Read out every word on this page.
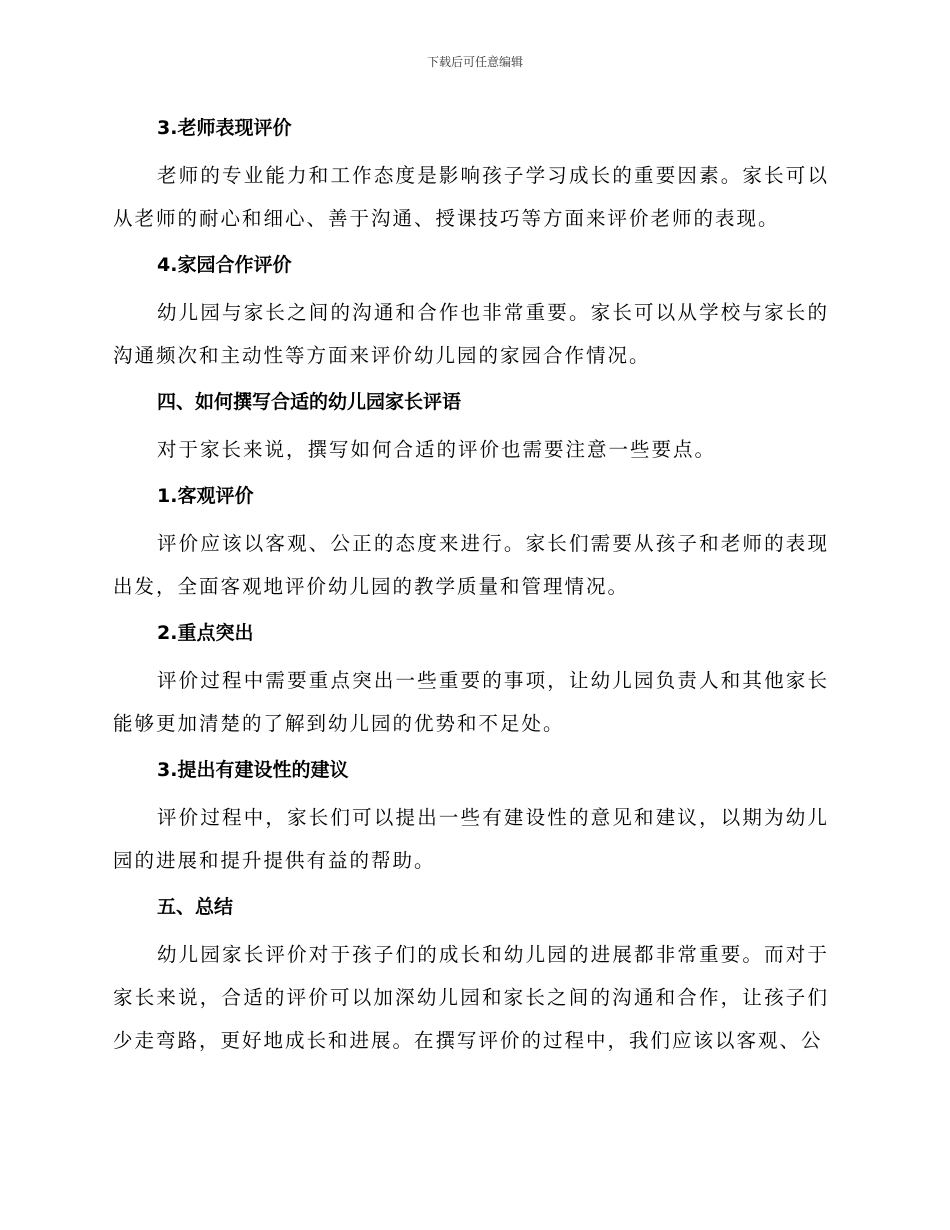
下载后可任意编辑
3.老师表现评价
老师的专业能力和工作态度是影响孩子学习成长的重要因素。家长可以从老师的耐心和细心、善于沟通、授课技巧等方面来评价老师的表现。
4.家园合作评价
幼儿园与家长之间的沟通和合作也非常重要。家长可以从学校与家长的沟通频次和主动性等方面来评价幼儿园的家园合作情况。
四、如何撰写合适的幼儿园家长评语
对于家长来说，撰写如何合适的评价也需要注意一些要点。
1.客观评价
评价应该以客观、公正的态度来进行。家长们需要从孩子和老师的表现出发，全面客观地评价幼儿园的教学质量和管理情况。
2.重点突出
评价过程中需要重点突出一些重要的事项，让幼儿园负责人和其他家长能够更加清楚的了解到幼儿园的优势和不足处。
3.提出有建设性的建议
评价过程中，家长们可以提出一些有建设性的意见和建议，以期为幼儿园的进展和提升提供有益的帮助。
五、总结
幼儿园家长评价对于孩子们的成长和幼儿园的进展都非常重要。而对于家长来说，合适的评价可以加深幼儿园和家长之间的沟通和合作，让孩子们少走弯路，更好地成长和进展。在撰写评价的过程中，我们应该以客观、公
